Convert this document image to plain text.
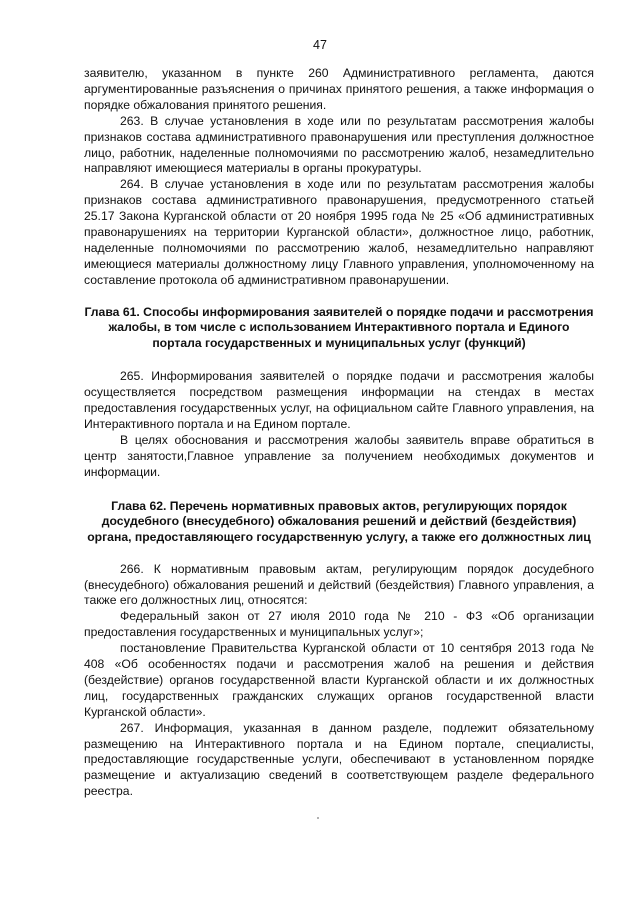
47

заявителю, указанном в пункте 260 Административного регламента, даются аргументированные разъяснения о причинах принятого решения, а также информация о порядке обжалования принятого решения.

263. В случае установления в ходе или по результатам рассмотрения жалобы признаков состава административного правонарушения или преступления должностное лицо, работник, наделенные полномочиями по рассмотрению жалоб, незамедлительно направляют имеющиеся материалы в органы прокуратуры.

264. В случае установления в ходе или по результатам рассмотрения жалобы признаков состава административного правонарушения, предусмотренного статьей 25.17 Закона Курганской области от 20 ноября 1995 года № 25 «Об административных правонарушениях на территории Курганской области», должностное лицо, работник, наделенные полномочиями по рассмотрению жалоб, незамедлительно направляют имеющиеся материалы должностному лицу Главного управления, уполномоченному на составление протокола об административном правонарушении.

Глава 61. Способы информирования заявителей о порядке подачи и рассмотрения жалобы, в том числе с использованием Интерактивного портала и Единого портала государственных и муниципальных услуг (функций)

265. Информирования заявителей о порядке подачи и рассмотрения жалобы осуществляется посредством размещения информации на стендах в местах предоставления государственных услуг, на официальном сайте Главного управления, на Интерактивного портала и на Едином портале.

В целях обоснования и рассмотрения жалобы заявитель вправе обратиться в центр занятости,Главное управление за получением необходимых документов и информации.

Глава 62. Перечень нормативных правовых актов, регулирующих порядок досудебного (внесудебного) обжалования решений и действий (бездействия) органа, предоставляющего государственную услугу, а также его должностных лиц

266. К нормативным правовым актам, регулирующим порядок досудебного (внесудебного) обжалования решений и действий (бездействия) Главного управления, а также его должностных лиц, относятся:

Федеральный закон от 27 июля 2010 года № 210 - ФЗ «Об организации предоставления государственных и муниципальных услуг»;

постановление Правительства Курганской области от 10 сентября 2013 года № 408 «Об особенностях подачи и рассмотрения жалоб на решения и действия (бездействие) органов государственной власти Курганской области и их должностных лиц, государственных гражданских служащих органов государственной власти Курганской области».

267. Информация, указанная в данном разделе, подлежит обязательному размещению на Интерактивного портала и на Едином портале, специалисты, предоставляющие государственные услуги, обеспечивают в установленном порядке размещение и актуализацию сведений в соответствующем разделе федерального реестра.
